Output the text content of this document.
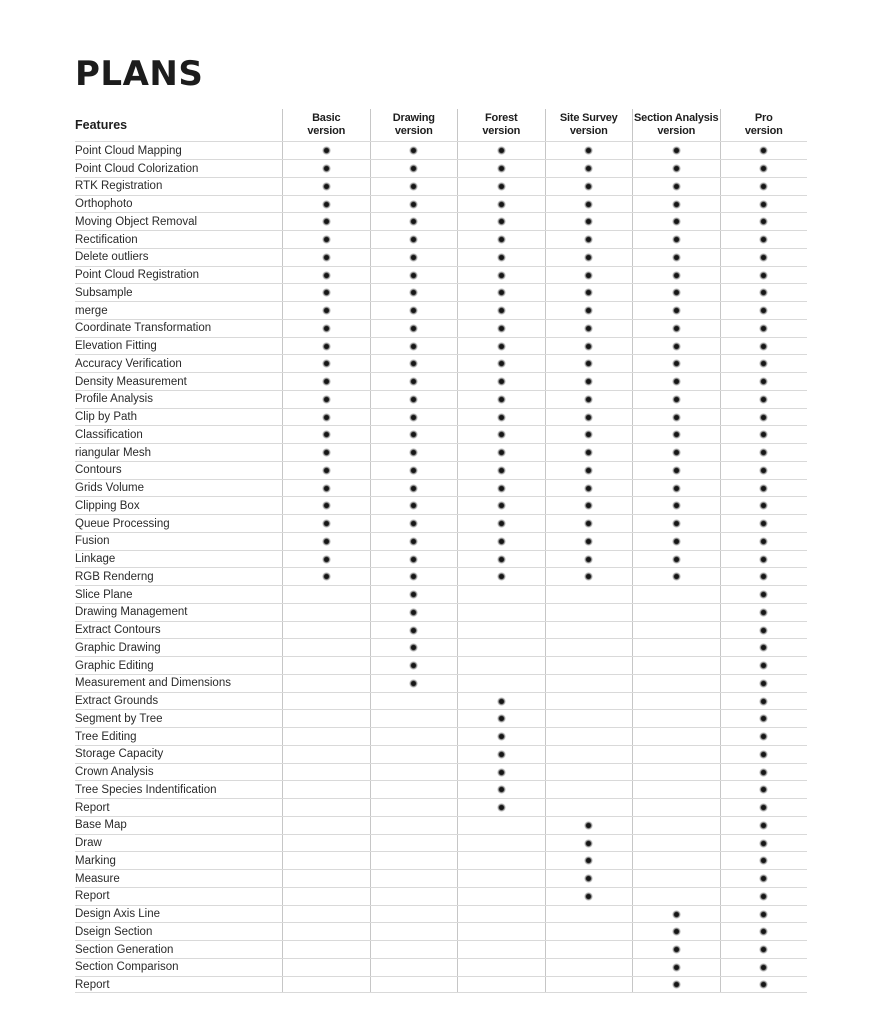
PLANS
Features	Basic
version
Drawing
version
Forest
version
Site Survey
version
Section Analysis
version
Pro
version
Point Cloud Mapping
Point Cloud Colorization
RTK Registration
Orthophoto
Moving Object Removal
Rectification
Delete outliers
Point Cloud Registration
Subsample
merge
Coordinate Transformation
Elevation Fitting
Accuracy Verification
Density Measurement
Profile Analysis
Clip by Path
Classification
riangular Mesh
Contours
Grids Volume
Clipping Box
Queue Processing
Fusion
Linkage
RGB Renderng
Slice Plane
Drawing Management
Extract Contours
Graphic Drawing
Graphic Editing
Measurement and Dimensions
Extract Grounds
Segment by Tree
Tree Editing
Storage Capacity
Crown Analysis
Tree Species Indentification
Report
Base Map
Draw
Marking
Measure
Report
Design Axis Line
Dseign Section
Section Generation
Section Comparison
Report
